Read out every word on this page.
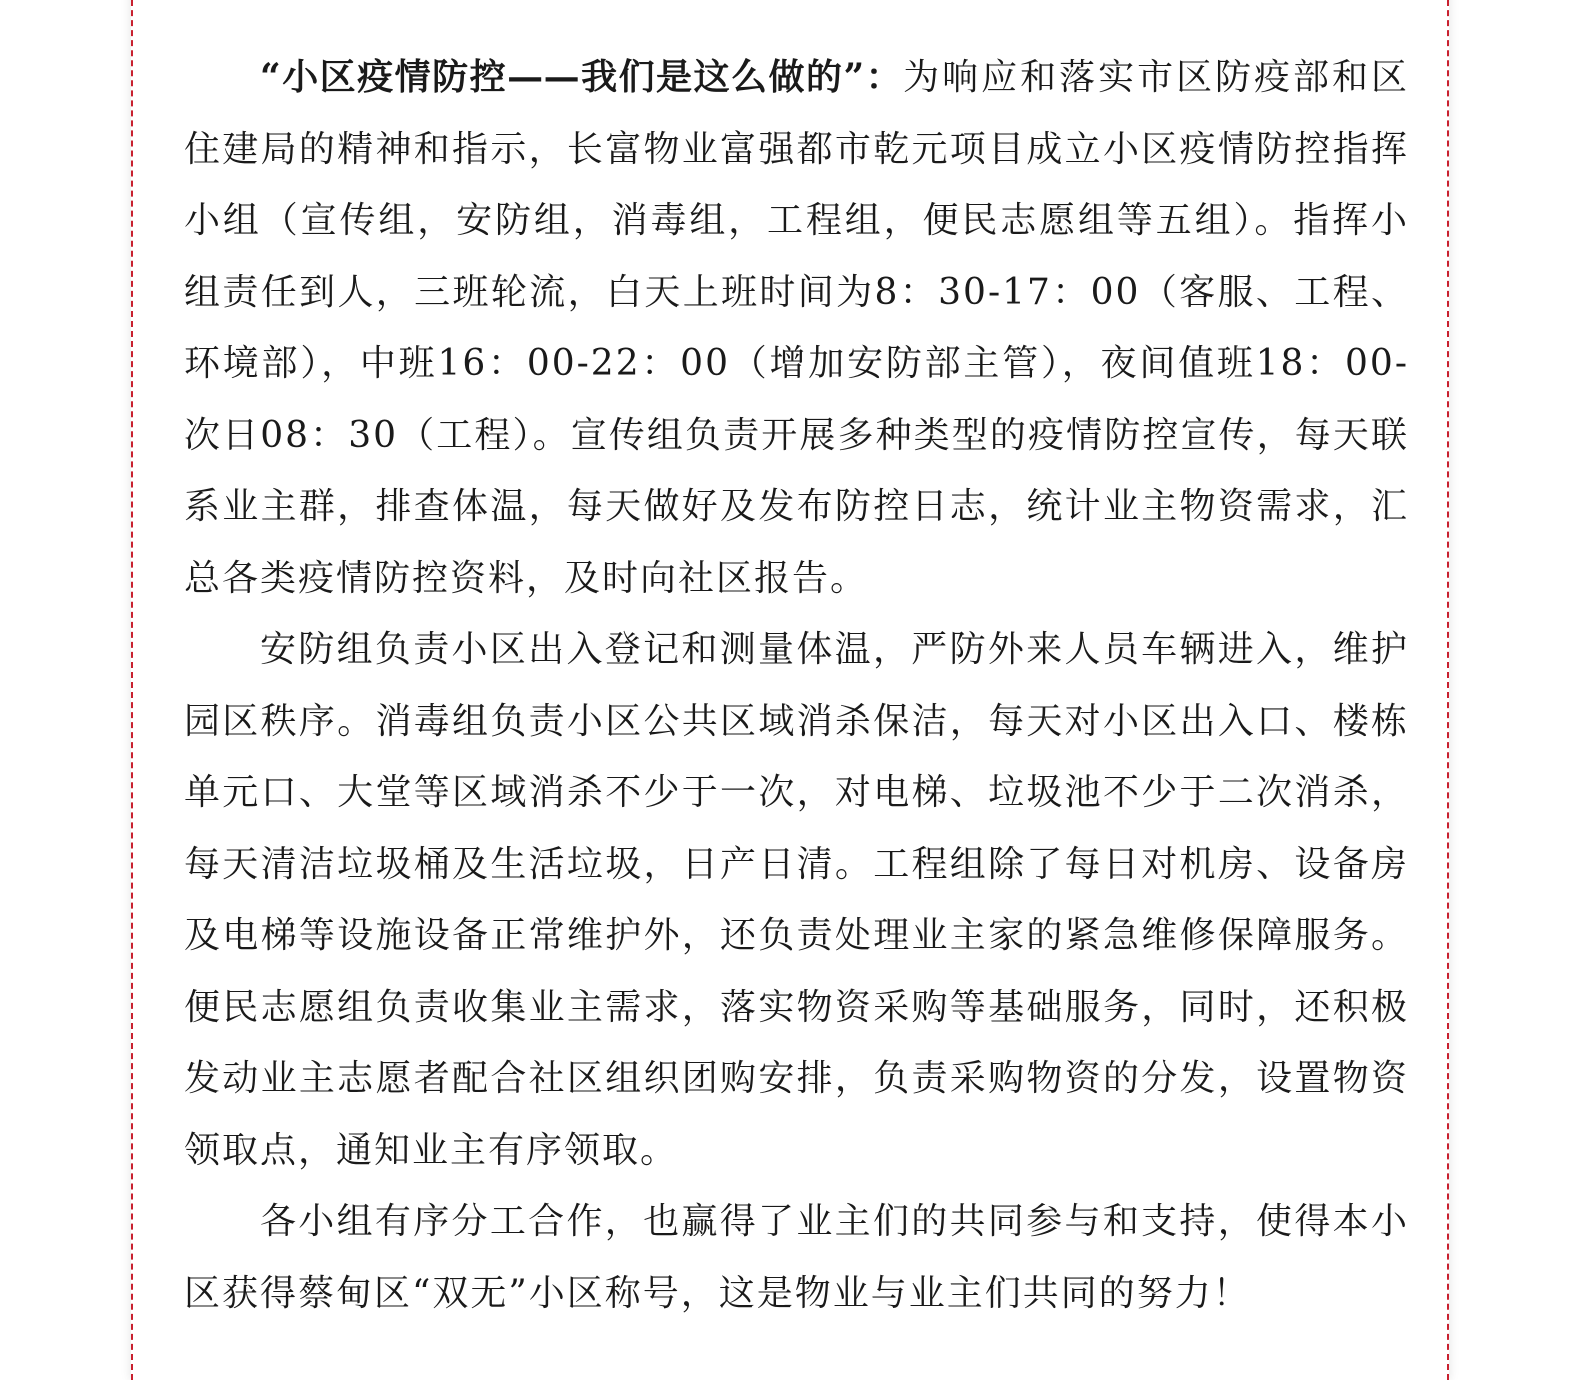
“小区疫情防控——我们是这么做的”：为响应和落实市区防疫部和区住建局的精神和指示，长富物业富强都市乾元项目成立小区疫情防控指挥小组（宣传组，安防组，消毒组，工程组，便民志愿组等五组）。指挥小组责任到人，三班轮流，白天上班时间为8：30-17：00（客服、工程、环境部），中班16：00-22：00（增加安防部主管），夜间值班18：00-次日08：30（工程）。宣传组负责开展多种类型的疫情防控宣传，每天联系业主群，排查体温，每天做好及发布防控日志，统计业主物资需求，汇总各类疫情防控资料，及时向社区报告。

安防组负责小区出入登记和测量体温，严防外来人员车辆进入，维护园区秩序。消毒组负责小区公共区域消杀保洁，每天对小区出入口、楼栋单元口、大堂等区域消杀不少于一次，对电梯、垃圾池不少于二次消杀，每天清洁垃圾桶及生活垃圾，日产日清。工程组除了每日对机房、设备房及电梯等设施设备正常维护外，还负责处理业主家的紧急维修保障服务。便民志愿组负责收集业主需求，落实物资采购等基础服务，同时，还积极发动业主志愿者配合社区组织团购安排，负责采购物资的分发，设置物资领取点，通知业主有序领取。

各小组有序分工合作，也赢得了业主们的共同参与和支持，使得本小区获得蔡甸区“双无”小区称号，这是物业与业主们共同的努力！
